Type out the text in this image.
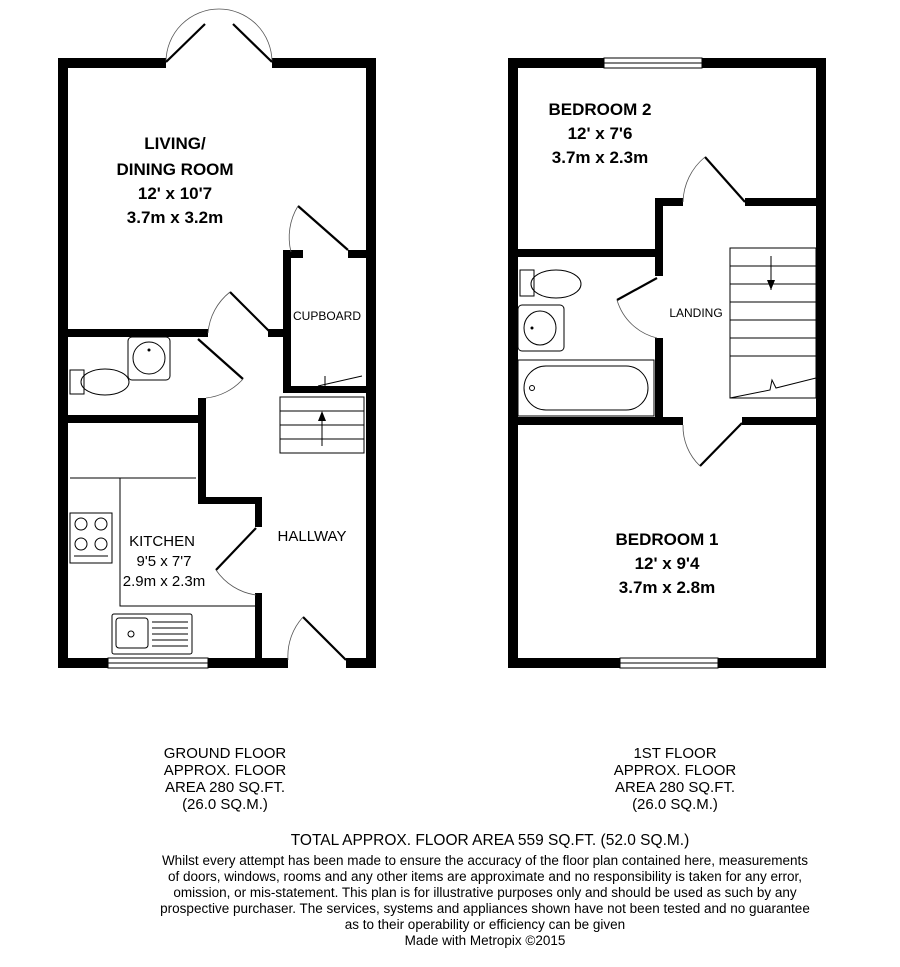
LIVING/
DINING ROOM
12' x 10'7
3.7m x 3.2m
CUPBOARD
KITCHEN
9'5 x 7'7
2.9m x 2.3m
HALLWAY
BEDROOM 2
12' x 7'6
3.7m x 2.3m
LANDING
BEDROOM 1
12' x 9'4
3.7m x 2.8m
GROUND FLOOR
APPROX. FLOOR
AREA 280 SQ.FT.
(26.0 SQ.M.)
1ST FLOOR
APPROX. FLOOR
AREA 280 SQ.FT.
(26.0 SQ.M.)
TOTAL APPROX. FLOOR AREA 559 SQ.FT. (52.0 SQ.M.)
Whilst every attempt has been made to ensure the accuracy of the floor plan contained here, measurements
of doors, windows, rooms and any other items are approximate and no responsibility is taken for any error,
omission, or mis-statement. This plan is for illustrative purposes only and should be used as such by any
prospective purchaser. The services, systems and appliances shown have not been tested and no guarantee
as to their operability or efficiency can be given
Made with Metropix ©2015
